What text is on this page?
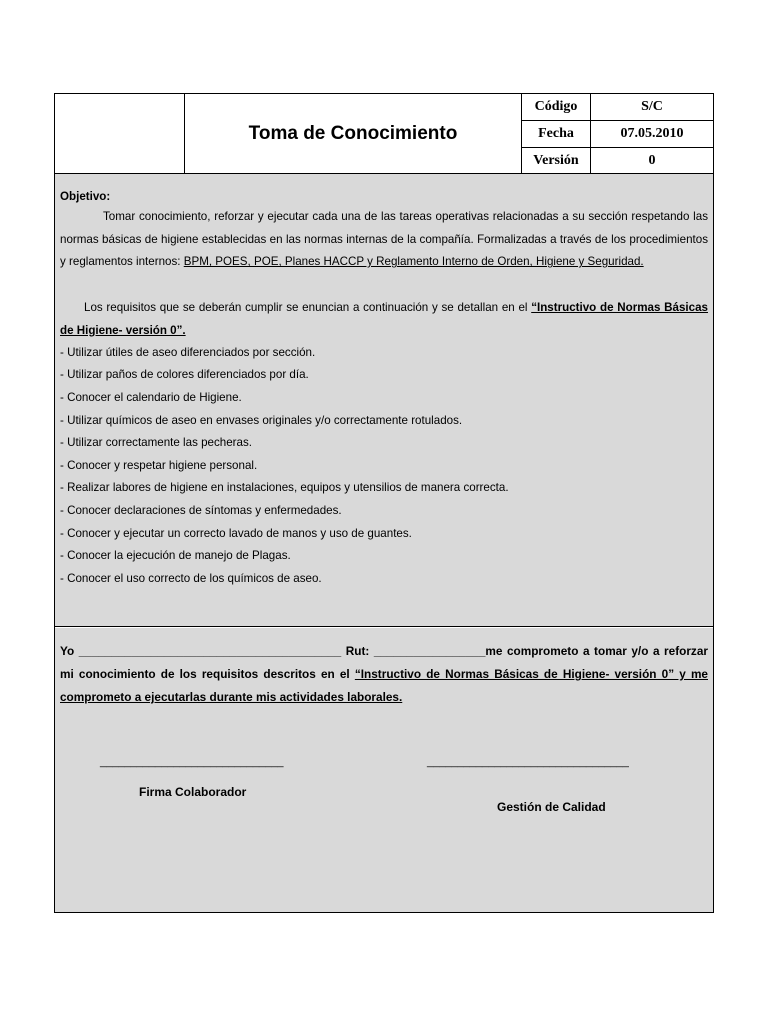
Toma de Conocimiento
Código	S/C
Fecha	07.05.2010
Versión	0

Objetivo:

Tomar conocimiento, reforzar y ejecutar cada una de las tareas operativas relacionadas a su sección respetando las normas básicas de higiene establecidas en las normas internas de la compañía. Formalizadas a través de los procedimientos y reglamentos internos: BPM, POES, POE, Planes HACCP y Reglamento Interno de Orden, Higiene y Seguridad.

Los requisitos que se deberán cumplir se enuncian a continuación y se detallan en el “Instructivo de Normas Básicas de Higiene- versión 0”.

- Utilizar útiles de aseo diferenciados por sección.
- Utilizar paños de colores diferenciados por día.
- Conocer el calendario de Higiene.
- Utilizar químicos de aseo en envases originales y/o correctamente rotulados.
- Utilizar correctamente las pecheras.
- Conocer y respetar higiene personal.
- Realizar labores de higiene en instalaciones, equipos y utensilios de manera correcta.
- Conocer declaraciones de síntomas y enfermedades.
- Conocer y ejecutar un correcto lavado de manos y uso de guantes.
- Conocer la ejecución de manejo de Plagas.
- Conocer el uso correcto de los químicos de aseo.

Yo ________________________________________ Rut: _________________me comprometo a tomar y/o a reforzar mi conocimiento de los requisitos descritos en el “Instructivo de Normas Básicas de Higiene- versión 0” y me comprometo a ejecutarlas durante mis actividades laborales.

______________________________	_________________________________
Firma Colaborador
Gestión de Calidad
